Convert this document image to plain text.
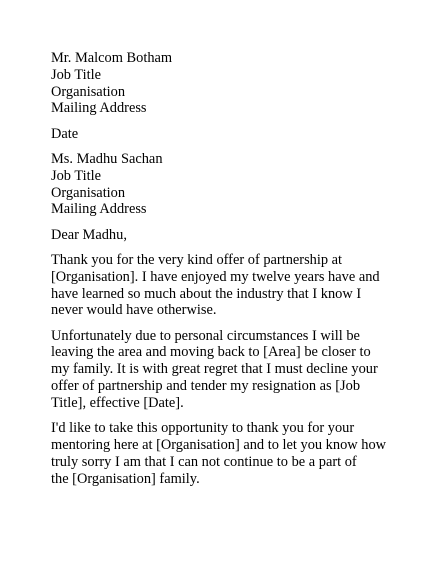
Mr. Malcom Botham
Job Title
Organisation
Mailing Address
Date
Ms. Madhu Sachan
Job Title
Organisation
Mailing Address
Dear Madhu,
Thank you for the very kind offer of partnership at
[Organisation]. I have enjoyed my twelve years have and
have learned so much about the industry that I know I
never would have otherwise.
Unfortunately due to personal circumstances I will be
leaving the area and moving back to [Area] be closer to
my family. It is with great regret that I must decline your
offer of partnership and tender my resignation as [Job
Title], effective [Date].
I'd like to take this opportunity to thank you for your
mentoring here at [Organisation] and to let you know how
truly sorry I am that I can not continue to be a part of
the [Organisation] family.
